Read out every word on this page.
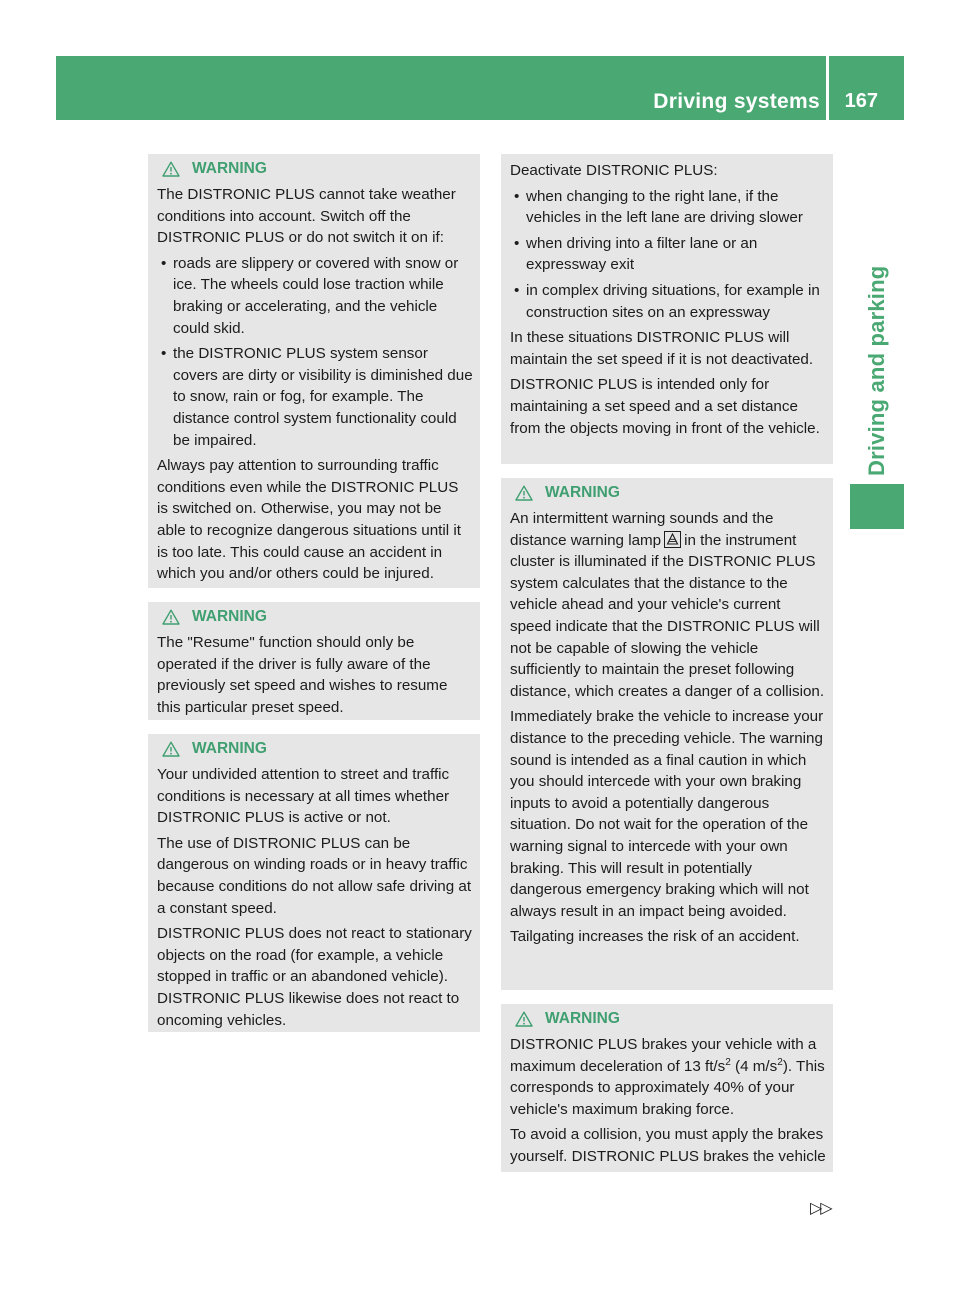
Driving systems 167
Driving and parking
WARNING

The DISTRONIC PLUS cannot take weather conditions into account. Switch off the DISTRONIC PLUS or do not switch it on if:

• roads are slippery or covered with snow or ice. The wheels could lose traction while braking or accelerating, and the vehicle could skid.
• the DISTRONIC PLUS system sensor covers are dirty or visibility is diminished due to snow, rain or fog, for example. The distance control system functionality could be impaired.

Always pay attention to surrounding traffic conditions even while the DISTRONIC PLUS is switched on. Otherwise, you may not be able to recognize dangerous situations until it is too late. This could cause an accident in which you and/or others could be injured.

WARNING

The "Resume" function should only be operated if the driver is fully aware of the previously set speed and wishes to resume this particular preset speed.

WARNING

Your undivided attention to street and traffic conditions is necessary at all times whether DISTRONIC PLUS is active or not.

The use of DISTRONIC PLUS can be dangerous on winding roads or in heavy traffic because conditions do not allow safe driving at a constant speed.

DISTRONIC PLUS does not react to stationary objects on the road (for example, a vehicle stopped in traffic or an abandoned vehicle). DISTRONIC PLUS likewise does not react to oncoming vehicles.

Deactivate DISTRONIC PLUS:

• when changing to the right lane, if the vehicles in the left lane are driving slower
• when driving into a filter lane or an expressway exit
• in complex driving situations, for example in construction sites on an expressway

In these situations DISTRONIC PLUS will maintain the set speed if it is not deactivated.

DISTRONIC PLUS is intended only for maintaining a set speed and a set distance from the objects moving in front of the vehicle.

WARNING

An intermittent warning sounds and the distance warning lamp in the instrument cluster is illuminated if the DISTRONIC PLUS system calculates that the distance to the vehicle ahead and your vehicle's current speed indicate that the DISTRONIC PLUS will not be capable of slowing the vehicle sufficiently to maintain the preset following distance, which creates a danger of a collision.

Immediately brake the vehicle to increase your distance to the preceding vehicle. The warning sound is intended as a final caution in which you should intercede with your own braking inputs to avoid a potentially dangerous situation. Do not wait for the operation of the warning signal to intercede with your own braking. This will result in potentially dangerous emergency braking which will not always result in an impact being avoided.

Tailgating increases the risk of an accident.

WARNING

DISTRONIC PLUS brakes your vehicle with a maximum deceleration of 13 $ft/s^2$ (4 $m/s^2$). This corresponds to approximately 40% of your vehicle's maximum braking force.

To avoid a collision, you must apply the brakes yourself. DISTRONIC PLUS brakes the vehicle

▷▷
